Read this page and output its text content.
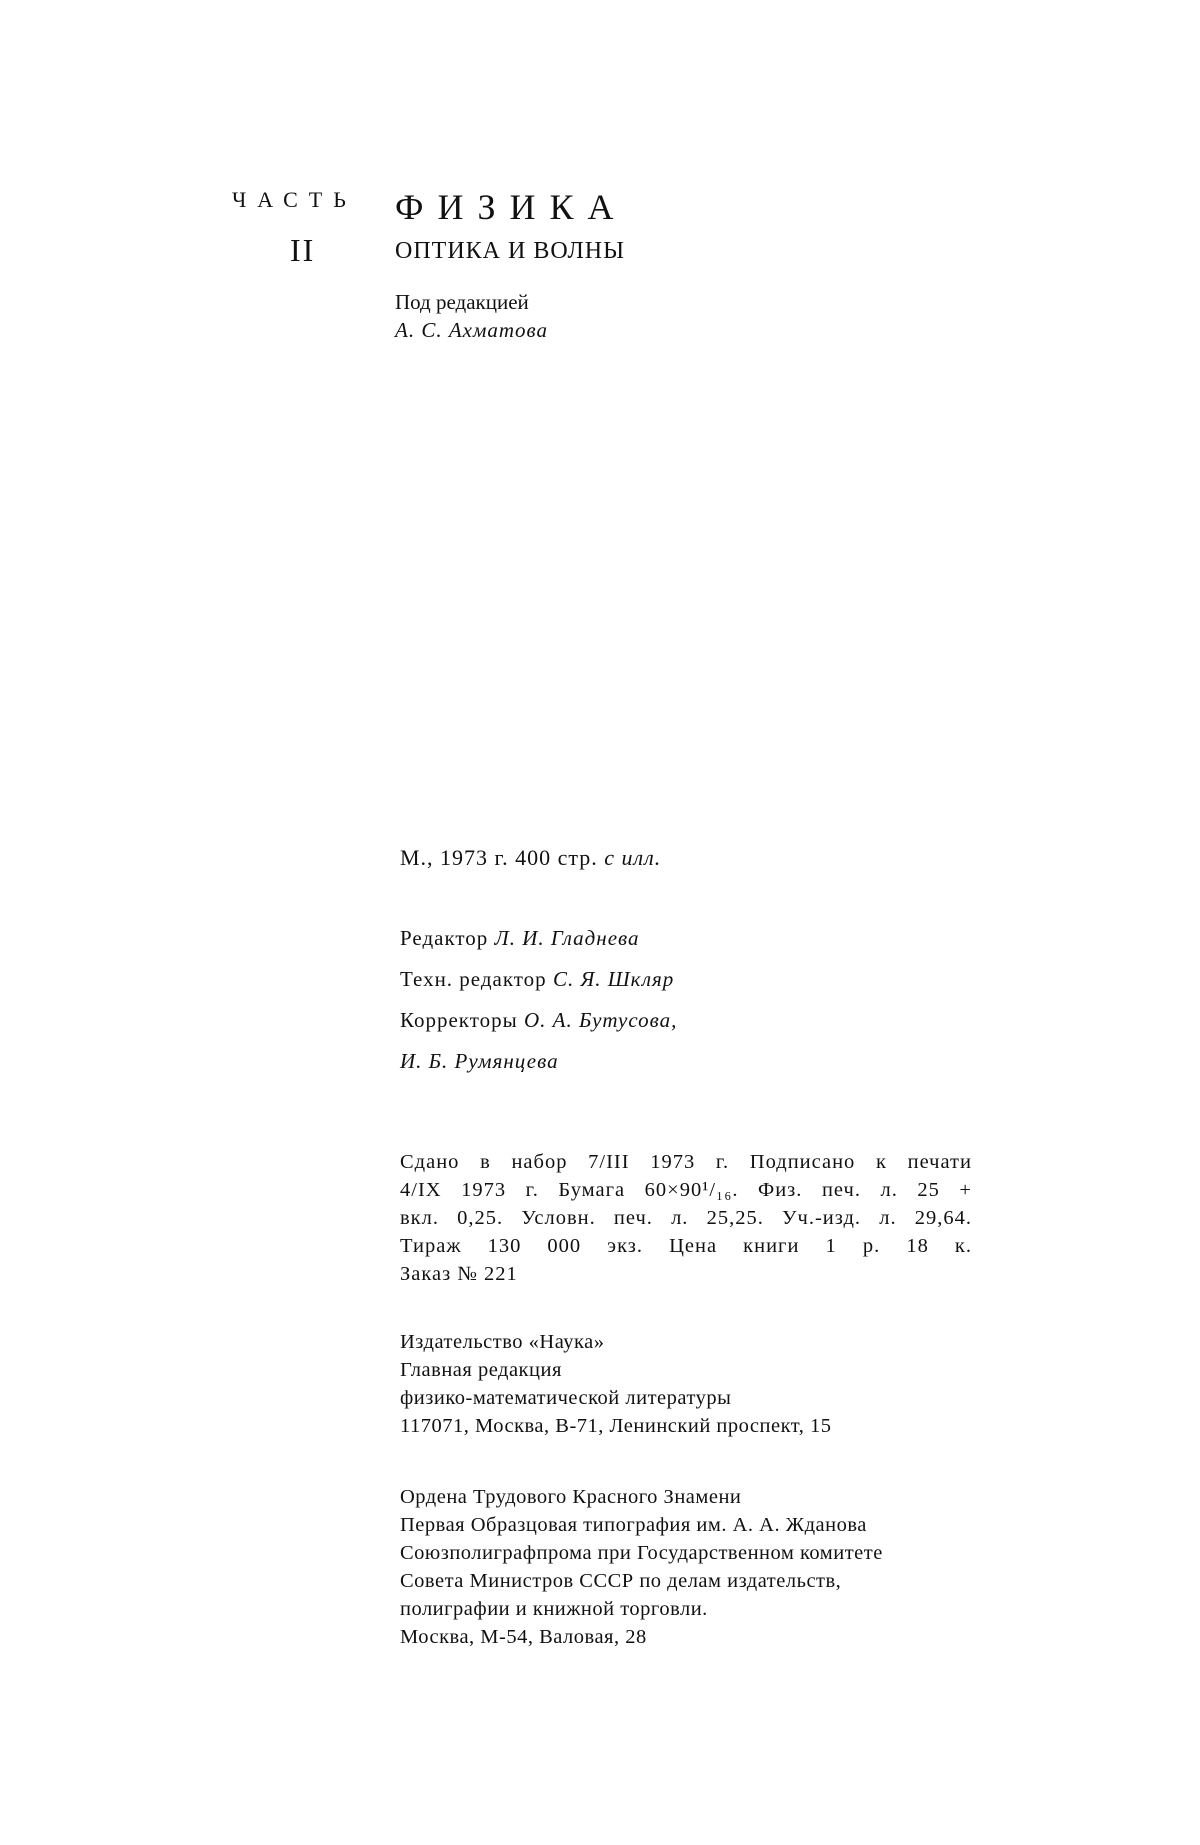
ЧАСТЬ
II
ФИЗИКА
ОПТИКА И ВОЛНЫ
Под редакцией
А. С. Ахматова
М., 1973 г. 400 стр. с илл.
Редактор Л. И. Гладнева
Техн. редактор С. Я. Шкляр
Корректоры О. А. Бутусова,
И. Б. Румянцева
Сдано в набор 7/III 1973 г. Подписано к печати
4/IX 1973 г. Бумага 60×90¹/₁₆. Физ. печ. л. 25 +
вкл. 0,25. Условн. печ. л. 25,25. Уч.-изд. л. 29,64.
Тираж 130 000 экз. Цена книги 1 р. 18 к.
Заказ № 221
Издательство «Наука»
Главная редакция
физико-математической литературы
117071, Москва, В-71, Ленинский проспект, 15
Ордена Трудового Красного Знамени
Первая Образцовая типография им. А. А. Жданова
Союзполиграфпрома при Государственном комитете
Совета Министров СССР по делам издательств,
полиграфии и книжной торговли.
Москва, М-54, Валовая, 28
